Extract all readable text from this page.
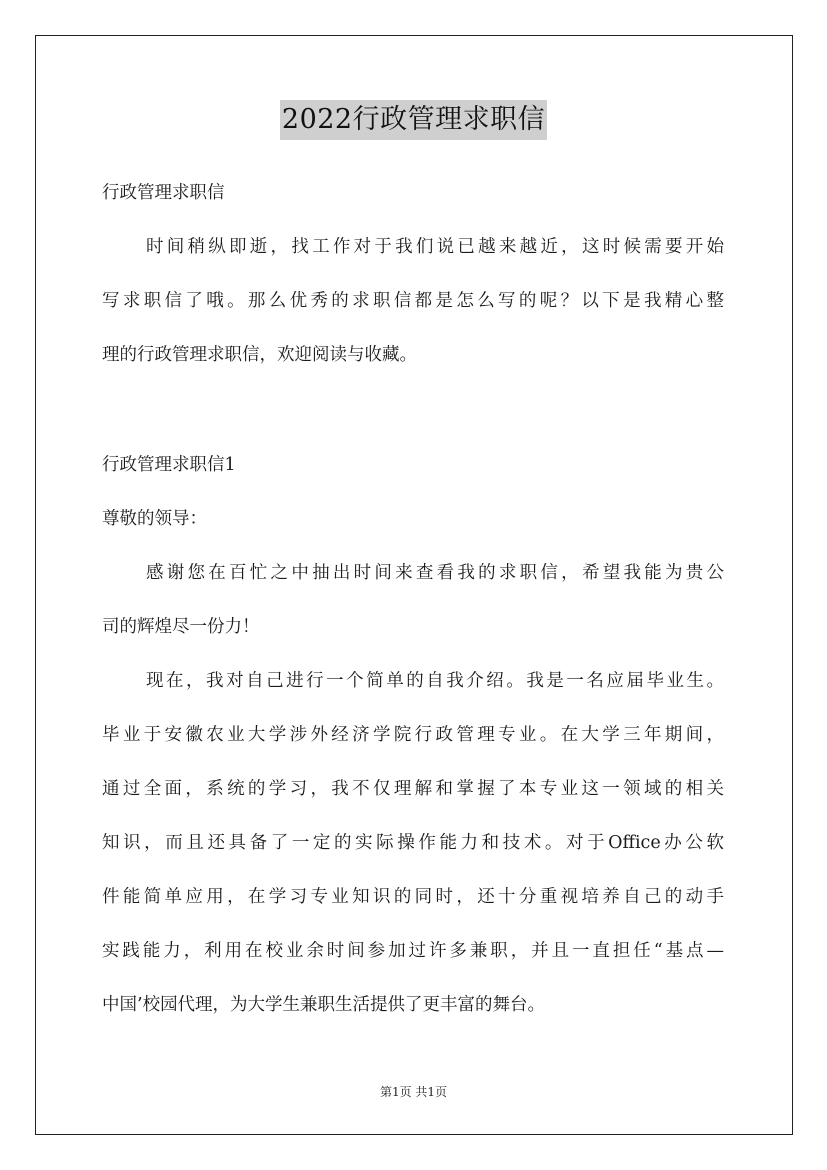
2022行政管理求职信
行政管理求职信
时间稍纵即逝，找工作对于我们说已越来越近，这时候需要开始
写求职信了哦。那么优秀的求职信都是怎么写的呢？以下是我精心整
理的行政管理求职信，欢迎阅读与收藏。
行政管理求职信1
尊敬的领导：
感谢您在百忙之中抽出时间来查看我的求职信，希望我能为贵公
司的辉煌尽一份力！
现在，我对自己进行一个简单的自我介绍。我是一名应届毕业生。
毕业于安徽农业大学涉外经济学院行政管理专业。在大学三年期间，
通过全面，系统的学习，我不仅理解和掌握了本专业这一领域的相关
知识，而且还具备了一定的实际操作能力和技术。对于Office办公软
件能简单应用，在学习专业知识的同时，还十分重视培养自己的动手
实践能力，利用在校业余时间参加过许多兼职，并且一直担任“基点—
中国’校园代理，为大学生兼职生活提供了更丰富的舞台。
第1页 共1页
